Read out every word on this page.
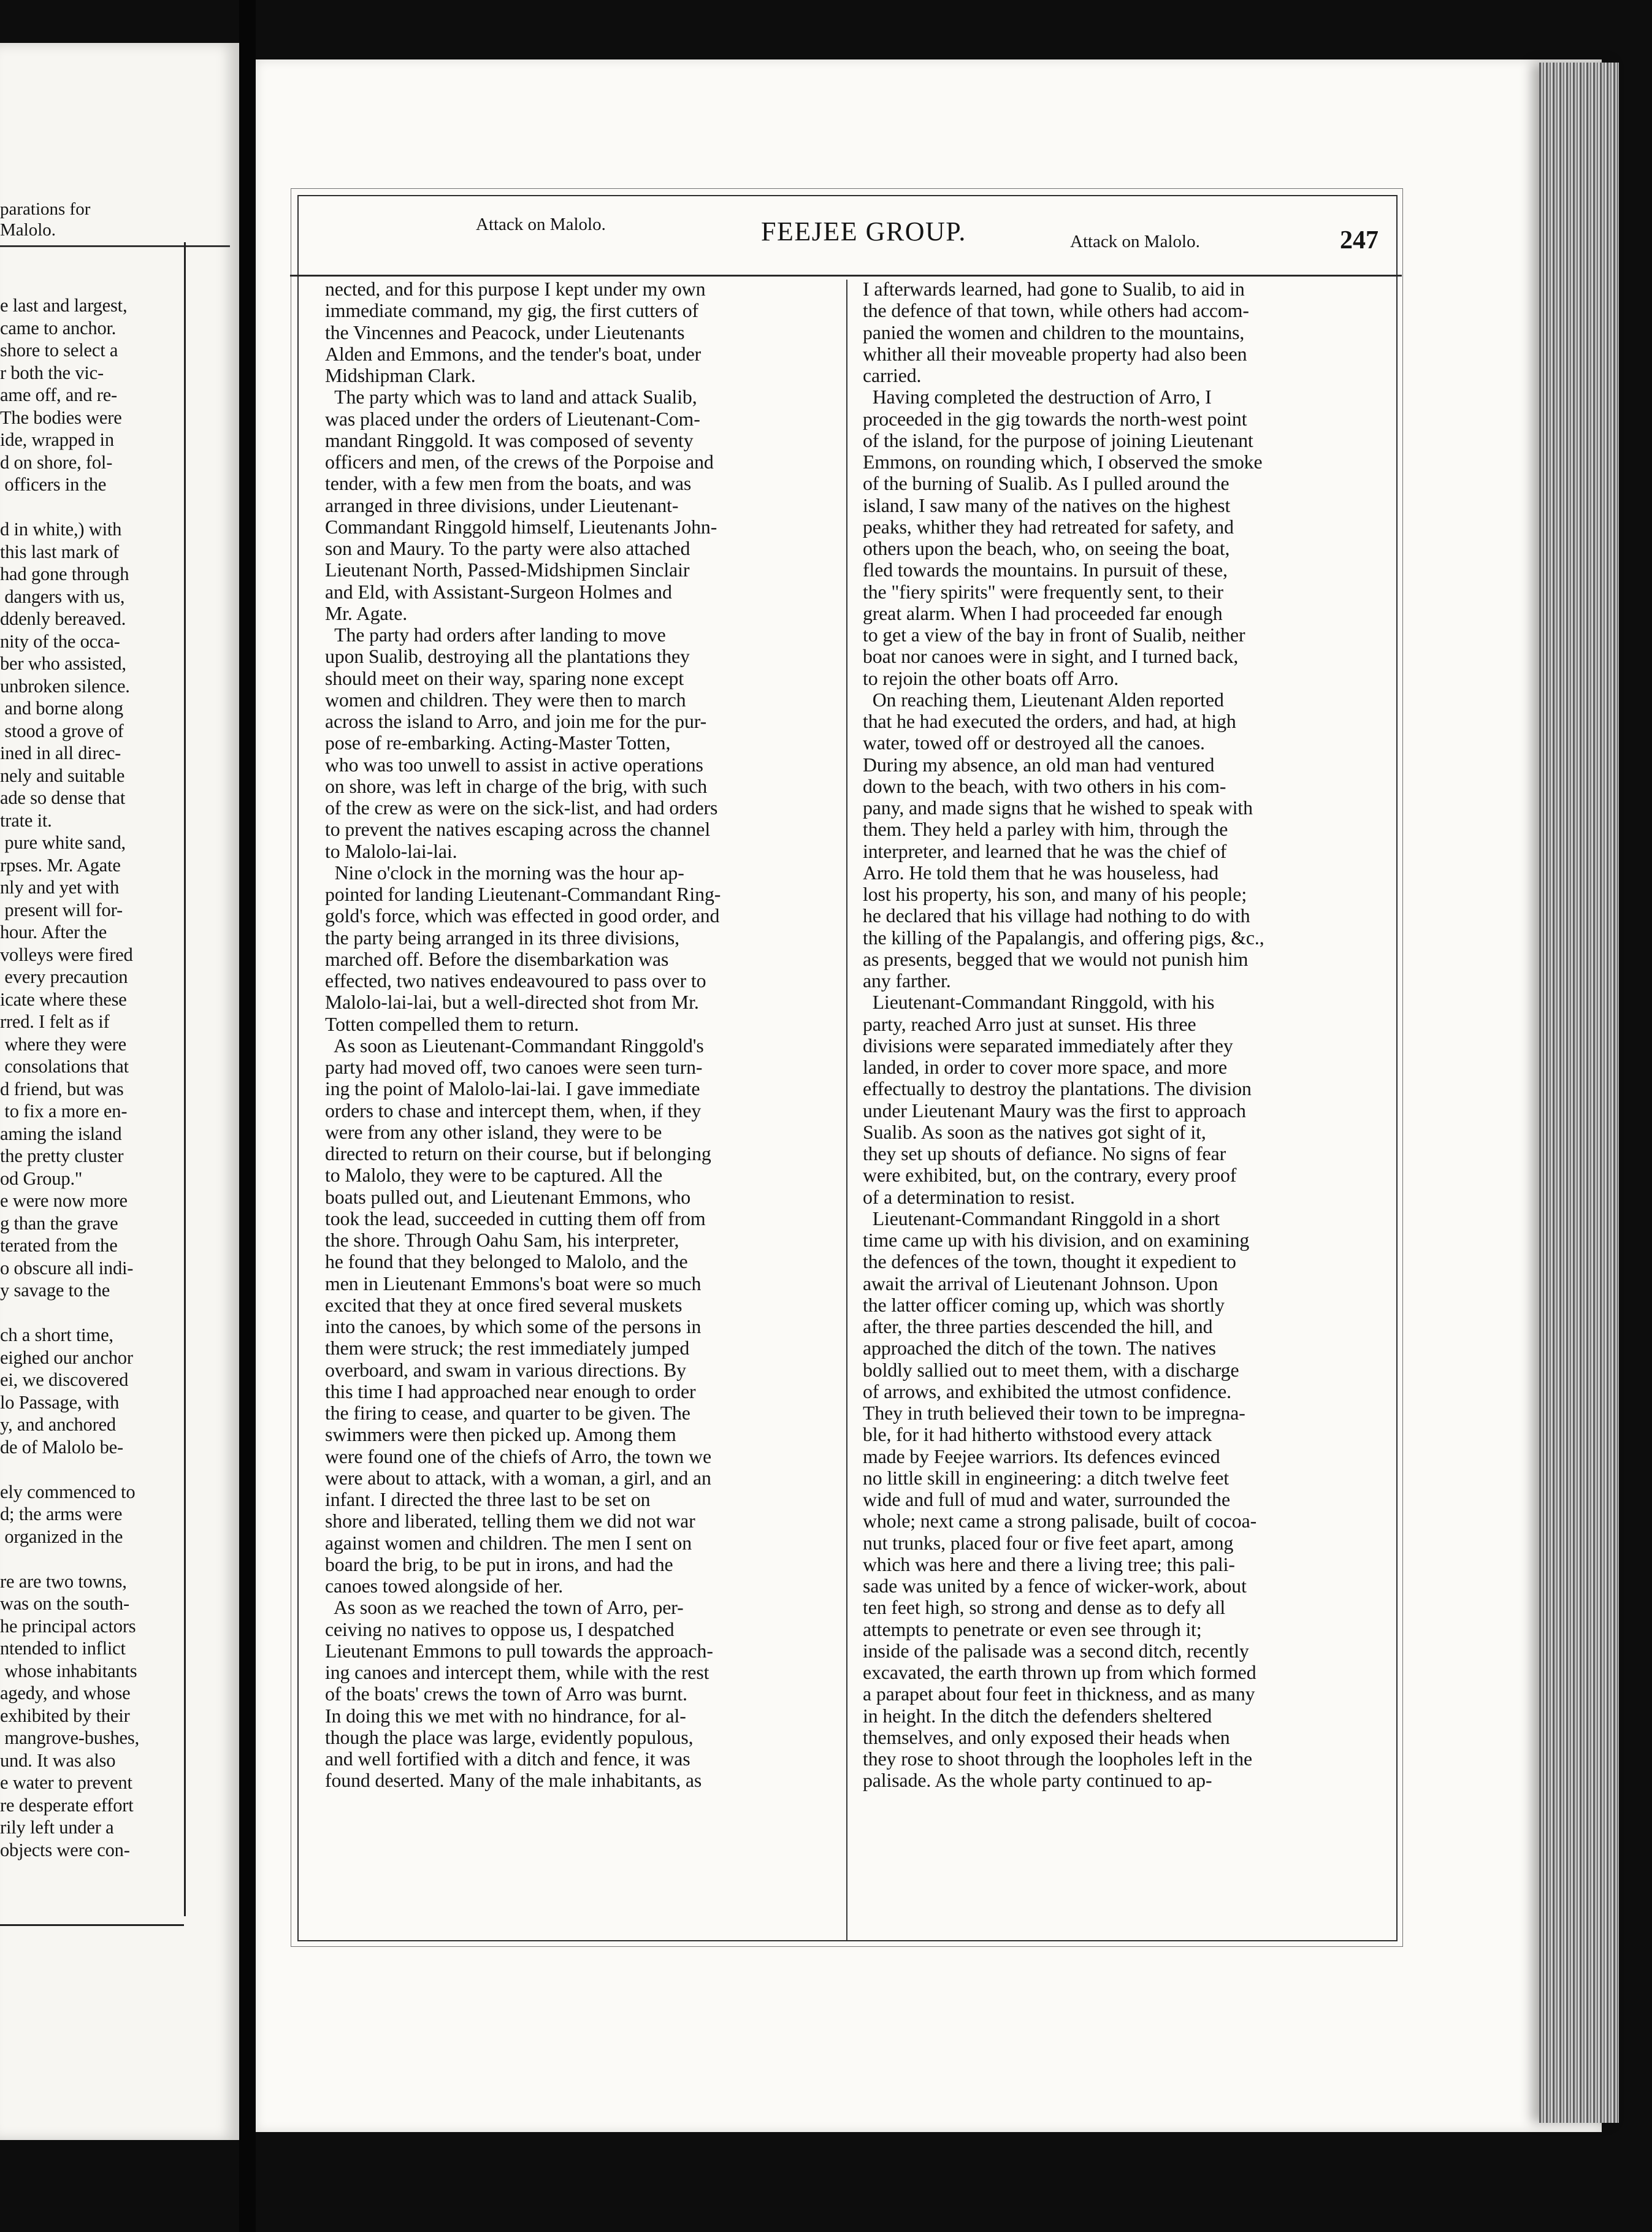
parations for
Malolo.
e last and largest,
came to anchor.
shore to select a
r both the vic-
ame off, and re-
The bodies were
ide, wrapped in
d on shore, fol-
officers in the

d in white,) with
this last mark of
had gone through
dangers with us,
ddenly bereaved.
nity of the occa-
ber who assisted,
unbroken silence.
and borne along
stood a grove of
ined in all direc-
nely and suitable
ade so dense that
trate it.
pure white sand,
rpses. Mr. Agate
nly and yet with
present will for-
hour. After the
volleys were fired
every precaution
icate where these
rred. I felt as if
where they were
consolations that
d friend, but was
to fix a more en-
aming the island
the pretty cluster
od Group."
e were now more
g than the grave
terated from the
o obscure all indi-
y savage to the

ch a short time,
eighed our anchor
ei, we discovered
lo Passage, with
y, and anchored
de of Malolo be-

ely commenced to
d; the arms were
organized in the

re are two towns,
was on the south-
he principal actors
ntended to inflict
whose inhabitants
agedy, and whose
exhibited by their
mangrove-bushes,
und. It was also
e water to prevent
re desperate effort
rily left under a
objects were con-
Attack on Malolo.	FEEJEE GROUP.	Attack on Malolo.	247
nected, and for this purpose I kept under my own
immediate command, my gig, the first cutters of
the Vincennes and Peacock, under Lieutenants
Alden and Emmons, and the tender's boat, under
Midshipman Clark.
The party which was to land and attack Sualib,
was placed under the orders of Lieutenant-Com-
mandant Ringgold. It was composed of seventy
officers and men, of the crews of the Porpoise and
tender, with a few men from the boats, and was
arranged in three divisions, under Lieutenant-
Commandant Ringgold himself, Lieutenants John-
son and Maury. To the party were also attached
Lieutenant North, Passed-Midshipmen Sinclair
and Eld, with Assistant-Surgeon Holmes and
Mr. Agate.
The party had orders after landing to move
upon Sualib, destroying all the plantations they
should meet on their way, sparing none except
women and children. They were then to march
across the island to Arro, and join me for the pur-
pose of re-embarking. Acting-Master Totten,
who was too unwell to assist in active operations
on shore, was left in charge of the brig, with such
of the crew as were on the sick-list, and had orders
to prevent the natives escaping across the channel
to Malolo-lai-lai.
Nine o'clock in the morning was the hour ap-
pointed for landing Lieutenant-Commandant Ring-
gold's force, which was effected in good order, and
the party being arranged in its three divisions,
marched off. Before the disembarkation was
effected, two natives endeavoured to pass over to
Malolo-lai-lai, but a well-directed shot from Mr.
Totten compelled them to return.
As soon as Lieutenant-Commandant Ringgold's
party had moved off, two canoes were seen turn-
ing the point of Malolo-lai-lai. I gave immediate
orders to chase and intercept them, when, if they
were from any other island, they were to be
directed to return on their course, but if belonging
to Malolo, they were to be captured. All the
boats pulled out, and Lieutenant Emmons, who
took the lead, succeeded in cutting them off from
the shore. Through Oahu Sam, his interpreter,
he found that they belonged to Malolo, and the
men in Lieutenant Emmons's boat were so much
excited that they at once fired several muskets
into the canoes, by which some of the persons in
them were struck; the rest immediately jumped
overboard, and swam in various directions. By
this time I had approached near enough to order
the firing to cease, and quarter to be given. The
swimmers were then picked up. Among them
were found one of the chiefs of Arro, the town we
were about to attack, with a woman, a girl, and an
infant. I directed the three last to be set on
shore and liberated, telling them we did not war
against women and children. The men I sent on
board the brig, to be put in irons, and had the
canoes towed alongside of her.
As soon as we reached the town of Arro, per-
ceiving no natives to oppose us, I despatched
Lieutenant Emmons to pull towards the approach-
ing canoes and intercept them, while with the rest
of the boats' crews the town of Arro was burnt.
In doing this we met with no hindrance, for al-
though the place was large, evidently populous,
and well fortified with a ditch and fence, it was
found deserted. Many of the male inhabitants, as
I afterwards learned, had gone to Sualib, to aid in
the defence of that town, while others had accom-
panied the women and children to the mountains,
whither all their moveable property had also been
carried.
Having completed the destruction of Arro, I
proceeded in the gig towards the north-west point
of the island, for the purpose of joining Lieutenant
Emmons, on rounding which, I observed the smoke
of the burning of Sualib. As I pulled around the
island, I saw many of the natives on the highest
peaks, whither they had retreated for safety, and
others upon the beach, who, on seeing the boat,
fled towards the mountains. In pursuit of these,
the "fiery spirits" were frequently sent, to their
great alarm. When I had proceeded far enough
to get a view of the bay in front of Sualib, neither
boat nor canoes were in sight, and I turned back,
to rejoin the other boats off Arro.
On reaching them, Lieutenant Alden reported
that he had executed the orders, and had, at high
water, towed off or destroyed all the canoes.
During my absence, an old man had ventured
down to the beach, with two others in his com-
pany, and made signs that he wished to speak with
them. They held a parley with him, through the
interpreter, and learned that he was the chief of
Arro. He told them that he was houseless, had
lost his property, his son, and many of his people;
he declared that his village had nothing to do with
the killing of the Papalangis, and offering pigs, &c.,
as presents, begged that we would not punish him
any farther.
Lieutenant-Commandant Ringgold, with his
party, reached Arro just at sunset. His three
divisions were separated immediately after they
landed, in order to cover more space, and more
effectually to destroy the plantations. The division
under Lieutenant Maury was the first to approach
Sualib. As soon as the natives got sight of it,
they set up shouts of defiance. No signs of fear
were exhibited, but, on the contrary, every proof
of a determination to resist.
Lieutenant-Commandant Ringgold in a short
time came up with his division, and on examining
the defences of the town, thought it expedient to
await the arrival of Lieutenant Johnson. Upon
the latter officer coming up, which was shortly
after, the three parties descended the hill, and
approached the ditch of the town. The natives
boldly sallied out to meet them, with a discharge
of arrows, and exhibited the utmost confidence.
They in truth believed their town to be impregna-
ble, for it had hitherto withstood every attack
made by Feejee warriors. Its defences evinced
no little skill in engineering: a ditch twelve feet
wide and full of mud and water, surrounded the
whole; next came a strong palisade, built of cocoa-
nut trunks, placed four or five feet apart, among
which was here and there a living tree; this pali-
sade was united by a fence of wicker-work, about
ten feet high, so strong and dense as to defy all
attempts to penetrate or even see through it;
inside of the palisade was a second ditch, recently
excavated, the earth thrown up from which formed
a parapet about four feet in thickness, and as many
in height. In the ditch the defenders sheltered
themselves, and only exposed their heads when
they rose to shoot through the loopholes left in the
palisade. As the whole party continued to ap-
